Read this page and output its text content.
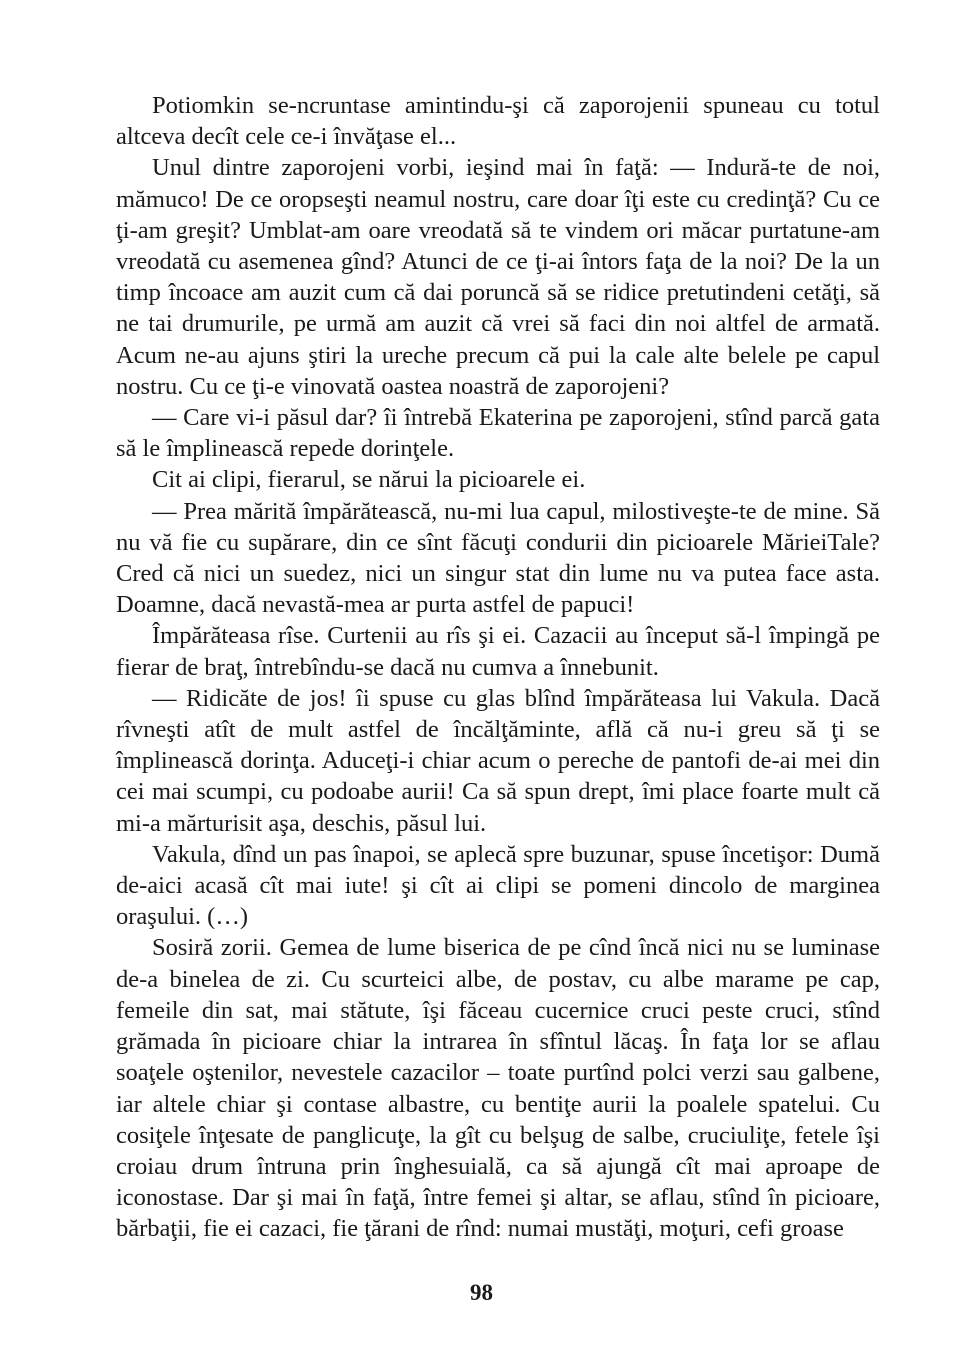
Potiomkin se-ncruntase amintindu-şi că zaporojenii spuneau cu totul altceva decît cele ce-i învăţase el...

Unul dintre zaporojeni vorbi, ieşind mai în faţă: — Indură-te de noi, mămuco! De ce oropseşti neamul nostru, care doar îţi este cu credinţă? Cu ce ţi-am greşit? Umblat-am oare vreodată să te vindem ori măcar purtatune-am vreodată cu asemenea gînd? Atunci de ce ţi-ai întors faţa de la noi? De la un timp încoace am auzit cum că dai poruncă să se ridice pretutindeni cetăţi, să ne tai drumurile, pe urmă am auzit că vrei să faci din noi altfel de armată. Acum ne-au ajuns ştiri la ureche precum că pui la cale alte belele pe capul nostru. Cu ce ţi-e vinovată oastea noastră de zaporojeni?

— Care vi-i păsul dar? îi întrebă Ekaterina pe zaporojeni, stînd parcă gata să le împlinească repede dorinţele.

Cit ai clipi, fierarul, se nărui la picioarele ei.

— Prea mărită împărătească, nu-mi lua capul, milostiveşte-te de mine. Să nu vă fie cu supărare, din ce sînt făcuţi condurii din picioarele MărieiTale? Cred că nici un suedez, nici un singur stat din lume nu va putea face asta. Doamne, dacă nevastă-mea ar purta astfel de papuci!

Împărăteasa rîse. Curtenii au rîs şi ei. Cazacii au început să-l împingă pe fierar de braţ, întrebîndu-se dacă nu cumva a înnebunit.

— Ridicăte de jos! îi spuse cu glas blînd împărăteasa lui Vakula. Dacă rîvneşti atît de mult astfel de încălţăminte, află că nu-i greu să ţi se împlinească dorinţa. Aduceţi-i chiar acum o pereche de pantofi de-ai mei din cei mai scumpi, cu podoabe aurii! Ca să spun drept, îmi place foarte mult că mi-a mărturisit aşa, deschis, păsul lui.

Vakula, dînd un pas înapoi, se aplecă spre buzunar, spuse încetişor: Dumă de-aici acasă cît mai iute! şi cît ai clipi se pomeni dincolo de marginea oraşului. (…)

Sosiră zorii. Gemea de lume biserica de pe cînd încă nici nu se luminase de-a binelea de zi. Cu scurteici albe, de postav, cu albe marame pe cap, femeile din sat, mai stătute, îşi făceau cucernice cruci peste cruci, stînd grămada în picioare chiar la intrarea în sfîntul lăcaş. În faţa lor se aflau soaţele oştenilor, nevestele cazacilor – toate purtînd polci verzi sau galbene, iar altele chiar şi contase albastre, cu bentiţe aurii la poalele spatelui. Cu cosiţele înţesate de panglicuţe, la gît cu belşug de salbe, cruciuliţe, fetele îşi croiau drum întruna prin înghesuială, ca să ajungă cît mai aproape de iconostase. Dar şi mai în faţă, între femei şi altar, se aflau, stînd în picioare, bărbaţii, fie ei cazaci, fie ţărani de rînd: numai mustăţi, moţuri, cefi groase

98
